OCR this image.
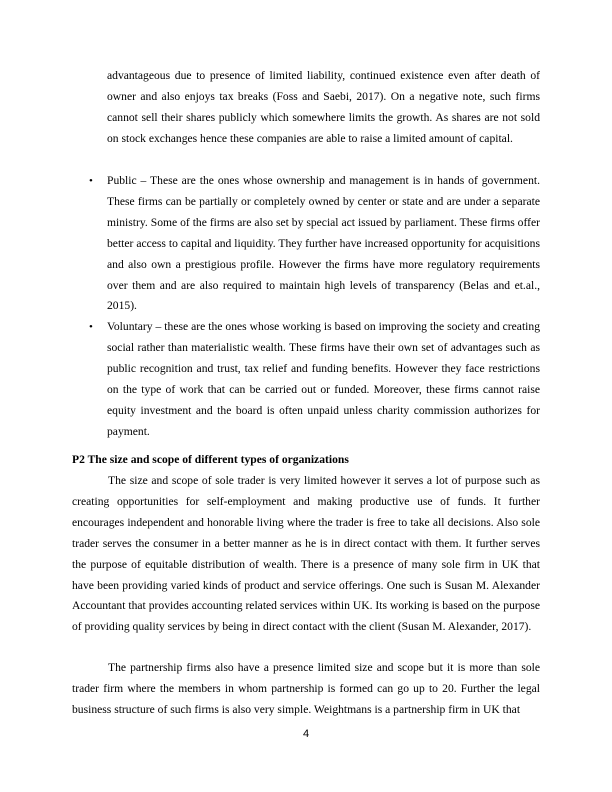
advantageous due to presence of limited liability, continued existence even after death of owner and also enjoys tax breaks (Foss and Saebi, 2017). On a negative note, such firms cannot sell their shares publicly which somewhere limits the growth. As shares are not sold on stock exchanges hence these companies are able to raise a limited amount of capital.

• Public – These are the ones whose ownership and management is in hands of government. These firms can be partially or completely owned by center or state and are under a separate ministry. Some of the firms are also set by special act issued by parliament. These firms offer better access to capital and liquidity. They further have increased opportunity for acquisitions and also own a prestigious profile. However the firms have more regulatory requirements over them and are also required to maintain high levels of transparency (Belas and et.al., 2015).
• Voluntary – these are the ones whose working is based on improving the society and creating social rather than materialistic wealth. These firms have their own set of advantages such as public recognition and trust, tax relief and funding benefits. However they face restrictions on the type of work that can be carried out or funded. Moreover, these firms cannot raise equity investment and the board is often unpaid unless charity commission authorizes for payment.
P2 The size and scope of different types of organizations

The size and scope of sole trader is very limited however it serves a lot of purpose such as creating opportunities for self-employment and making productive use of funds. It further encourages independent and honorable living where the trader is free to take all decisions. Also sole trader serves the consumer in a better manner as he is in direct contact with them. It further serves the purpose of equitable distribution of wealth. There is a presence of many sole firm in UK that have been providing varied kinds of product and service offerings. One such is Susan M. Alexander Accountant that provides accounting related services within UK. Its working is based on the purpose of providing quality services by being in direct contact with the client (Susan M. Alexander, 2017).

The partnership firms also have a presence limited size and scope but it is more than sole trader firm where the members in whom partnership is formed can go up to 20. Further the legal business structure of such firms is also very simple. Weightmans is a partnership firm in UK that

4
